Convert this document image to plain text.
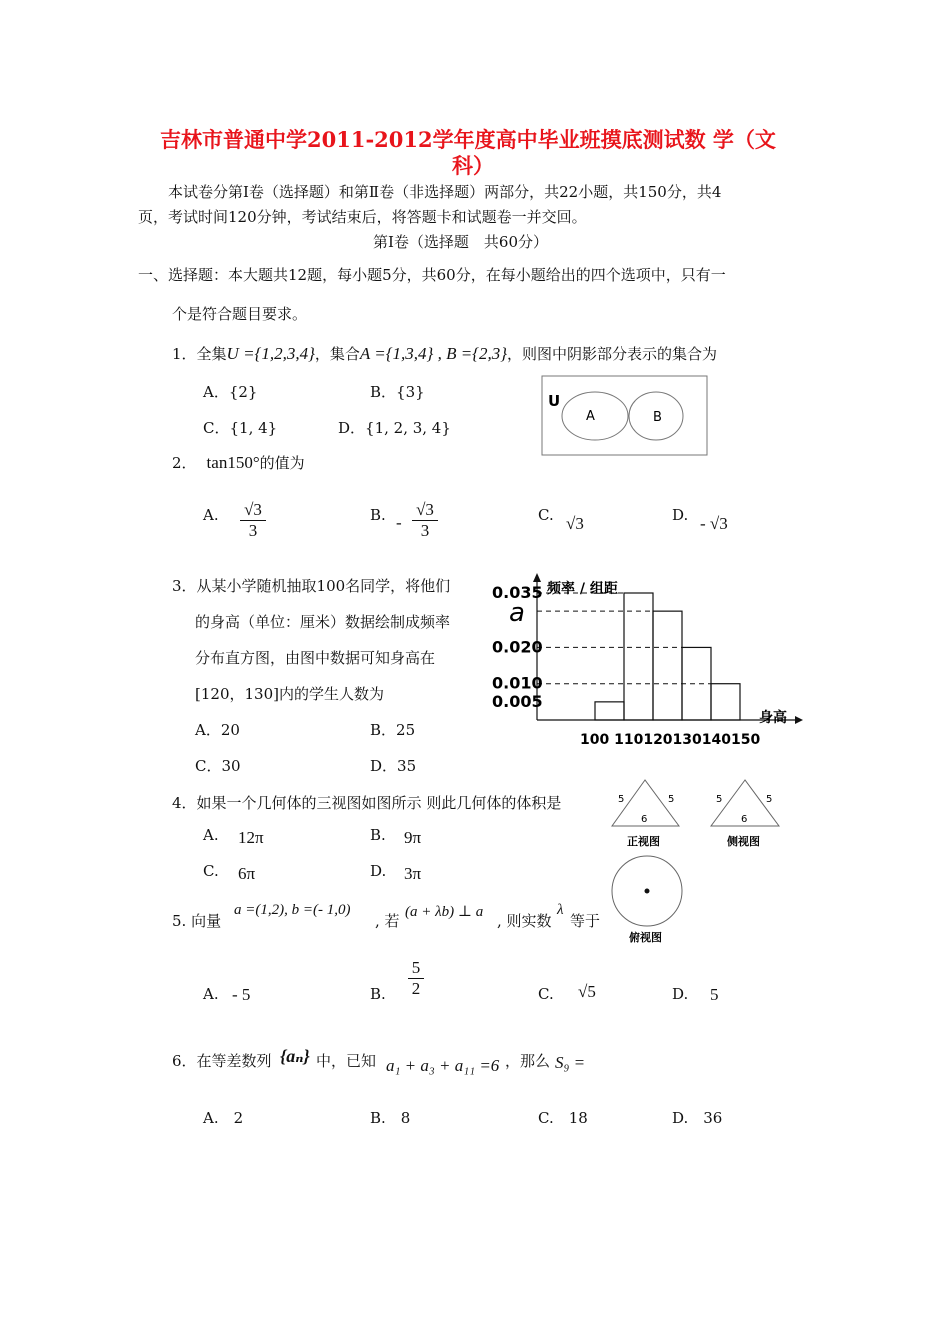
吉林市普通中学2011-2012学年度高中毕业班摸底测试数 学（文
科）
本试卷分第Ⅰ卷（选择题）和第Ⅱ卷（非选择题）两部分，共22小题，共150分，共4
页，考试时间120分钟，考试结束后，将答题卡和试题卷一并交回。
第Ⅰ卷（选择题　共60分）
一、选择题：本大题共12题，每小题5分，共60分，在每小题给出的四个选项中，只有一
个是符合题目要求。
1．全集U ={1,2,3,4}，集合A ={1,3,4} , B ={2,3}，则图中阴影部分表示的集合为
A．{2}	B．{3}
C．{1, 4}	D．{1, 2, 3, 4}
U
A	B
2． tan150°的值为
A. $\frac{√3}{3}$	B. - $\frac{√3}{3}$	C. √3	D. - √3
3．从某小学随机抽取100名同学，将他们
的身高（单位：厘米）数据绘制成频率
分布直方图，由图中数据可知身高在
[120，130]内的学生人数为
A．20	B．25
C．30	D．35
频率 / 组距
身高
a
100 110120130140150
0.035
0.020
0.010
0.005
4．如果一个几何体的三视图如图所示 则此几何体的体积是
A. 12π	B. 9π
C. 6π	D. 3π
5	5
6
正视图
5	5
6
侧视图
俯视图
5. 向量
a =(1,2), b =(- 1,0)
, 若 (a + λb) ⊥ a , 则实数
λ
等于
A. - 5	B. $\frac{5}{2}$	C. √5	D. 5
6．在等差数列 {aₙ} 中，已知 a₁ + a₃ + a₁₁ =6 ，那么 S₉ =
A.　2	B.　8	C.　18	D.　36
